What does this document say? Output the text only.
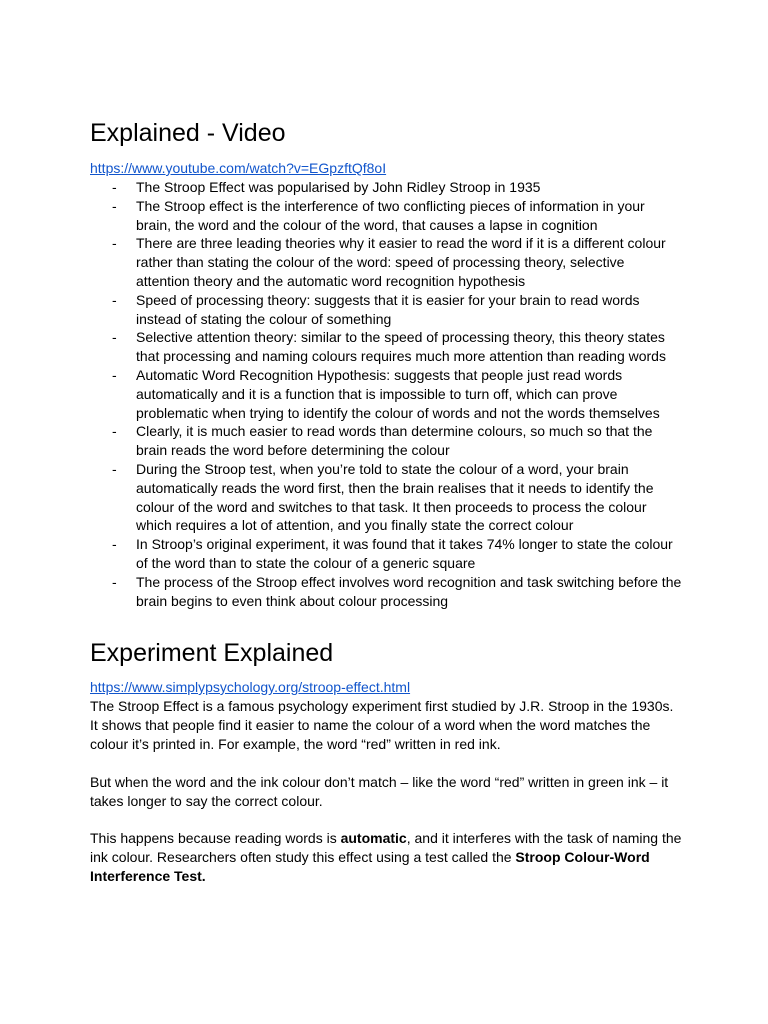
Explained - Video
https://www.youtube.com/watch?v=EGpzftQf8oI
- The Stroop Effect was popularised by John Ridley Stroop in 1935
- The Stroop effect is the interference of two conflicting pieces of information in your brain, the word and the colour of the word, that causes a lapse in cognition
- There are three leading theories why it easier to read the word if it is a different colour rather than stating the colour of the word: speed of processing theory, selective attention theory and the automatic word recognition hypothesis
- Speed of processing theory: suggests that it is easier for your brain to read words instead of stating the colour of something
- Selective attention theory: similar to the speed of processing theory, this theory states that processing and naming colours requires much more attention than reading words
- Automatic Word Recognition Hypothesis: suggests that people just read words automatically and it is a function that is impossible to turn off, which can prove problematic when trying to identify the colour of words and not the words themselves
- Clearly, it is much easier to read words than determine colours, so much so that the brain reads the word before determining the colour
- During the Stroop test, when you’re told to state the colour of a word, your brain automatically reads the word first, then the brain realises that it needs to identify the colour of the word and switches to that task. It then proceeds to process the colour which requires a lot of attention, and you finally state the correct colour
- In Stroop’s original experiment, it was found that it takes 74% longer to state the colour of the word than to state the colour of a generic square
- The process of the Stroop effect involves word recognition and task switching before the brain begins to even think about colour processing
Experiment Explained
https://www.simplypsychology.org/stroop-effect.html

The Stroop Effect is a famous psychology experiment first studied by J.R. Stroop in the 1930s. It shows that people find it easier to name the colour of a word when the word matches the colour it’s printed in. For example, the word “red” written in red ink.

But when the word and the ink colour don’t match – like the word “red” written in green ink – it takes longer to say the correct colour.

This happens because reading words is automatic, and it interferes with the task of naming the ink colour. Researchers often study this effect using a test called the Stroop Colour-Word Interference Test.
